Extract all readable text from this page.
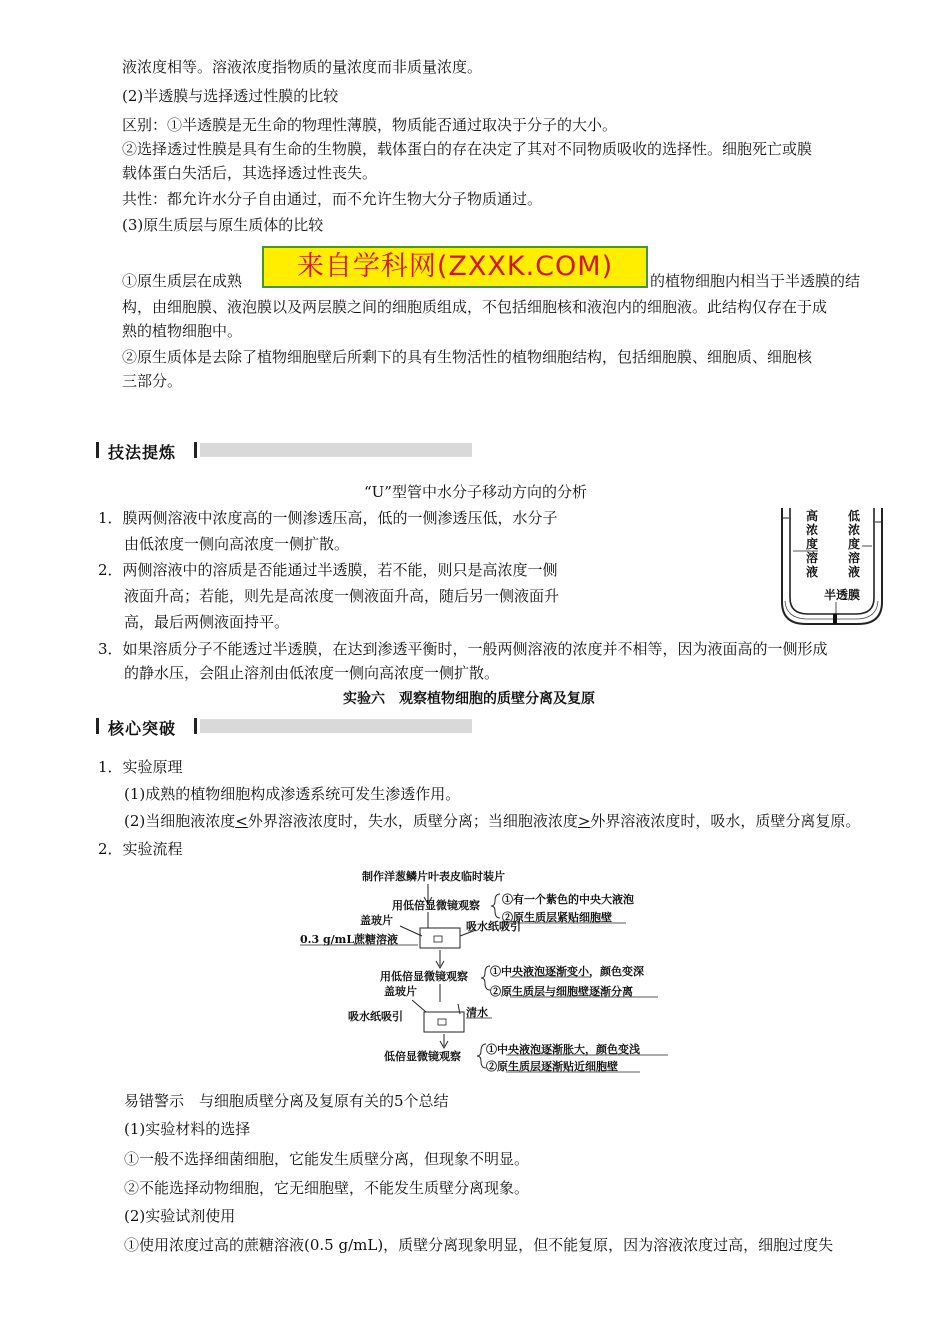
液浓度相等。溶液浓度指物质的量浓度而非质量浓度。
(2)半透膜与选择透过性膜的比较
区别：①半透膜是无生命的物理性薄膜，物质能否通过取决于分子的大小。
②选择透过性膜是具有生命的生物膜，载体蛋白的存在决定了其对不同物质吸收的选择性。细胞死亡或膜
载体蛋白失活后，其选择透过性丧失。
共性：都允许水分子自由通过，而不允许生物大分子物质通过。
(3)原生质层与原生质体的比较
①原生质层在成熟	来自学科网(ZXXK.COM)	的植物细胞内相当于半透膜的结
构，由细胞膜、液泡膜以及两层膜之间的细胞质组成，不包括细胞核和液泡内的细胞液。此结构仅存在于成
熟的植物细胞中。
②原生质体是去除了植物细胞壁后所剩下的具有生物活性的植物细胞结构，包括细胞膜、细胞质、细胞核
三部分。
技法提炼
“U”型管中水分子移动方向的分析
1．膜两侧溶液中浓度高的一侧渗透压高，低的一侧渗透压低，水分子
由低浓度一侧向高浓度一侧扩散。
2．两侧溶液中的溶质是否能通过半透膜，若不能，则只是高浓度一侧
液面升高；若能，则先是高浓度一侧液面升高，随后另一侧液面升
高，最后两侧液面持平。
3．如果溶质分子不能透过半透膜，在达到渗透平衡时，一般两侧溶液的浓度并不相等，因为液面高的一侧形成
的静水压，会阻止溶剂由低浓度一侧向高浓度一侧扩散。
高
浓
度
溶
液
低
浓
度
溶
液
半透膜
实验六　观察植物细胞的质壁分离及复原
核心突破
1．实验原理
(1)成熟的植物细胞构成渗透系统可发生渗透作用。
(2)当细胞液浓度<外界溶液浓度时，失水，质壁分离；当细胞液浓度>外界溶液浓度时，吸水，质壁分离复原。
2．实验流程
制作洋葱鳞片叶表皮临时装片
用低倍显微镜观察 ①有一个紫色的中央大液泡
②原生质层紧贴细胞壁
盖玻片	吸水纸吸引
0.3 g/mL蔗糖溶液
用低倍显微镜观察 ①中央液泡逐渐变小，颜色变深
②原生质层与细胞壁逐渐分离
盖玻片
吸水纸吸引	清水
低倍显微镜观察
①中央液泡逐渐胀大，颜色变浅
②原生质层逐渐贴近细胞壁
易错警示　与细胞质壁分离及复原有关的5个总结
(1)实验材料的选择
①一般不选择细菌细胞，它能发生质壁分离，但现象不明显。
②不能选择动物细胞，它无细胞壁，不能发生质壁分离现象。
(2)实验试剂使用
①使用浓度过高的蔗糖溶液(0.5 g/mL)，质壁分离现象明显，但不能复原，因为溶液浓度过高，细胞过度失
